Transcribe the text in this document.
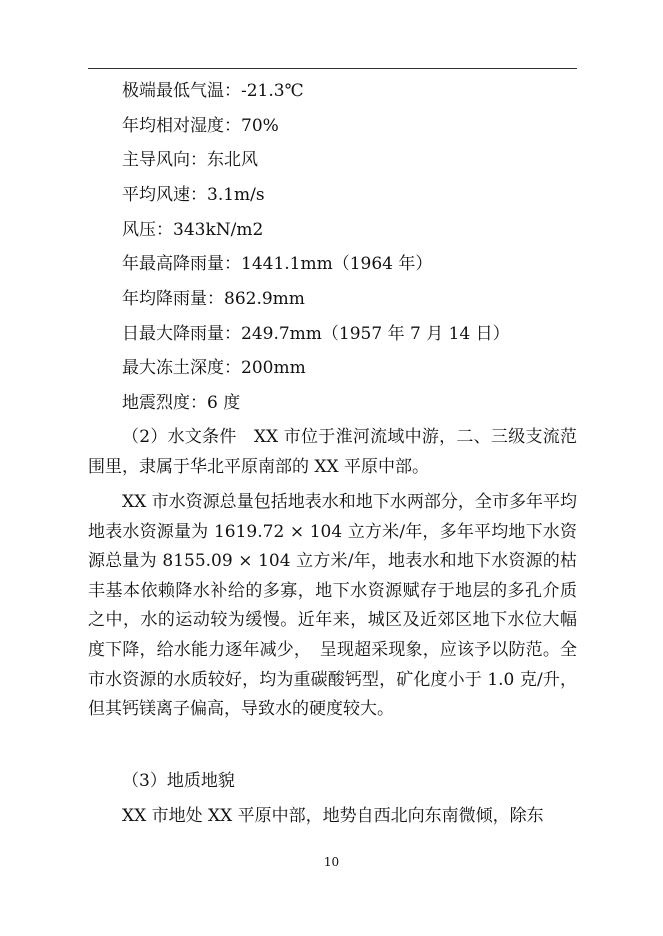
极端最低气温：-21.3℃
年均相对湿度：70%
主导风向：东北风
平均风速：3.1m/s
风压：343kN/m2
年最高降雨量：1441.1mm（1964 年）
年均降雨量：862.9mm
日最大降雨量：249.7mm（1957 年 7 月 14 日）
最大冻土深度：200mm
地震烈度：6 度

（2）水文条件　XX 市位于淮河流域中游，二、三级支流范围里，隶属于华北平原南部的 XX 平原中部。

XX 市水资源总量包括地表水和地下水两部分，全市多年平均地表水资源量为 1619.72 × 104 立方米/年，多年平均地下水资源总量为 8155.09 × 104 立方米/年，地表水和地下水资源的枯丰基本依赖降水补给的多寡，地下水资源赋存于地层的多孔介质之中，水的运动较为缓慢。近年来，城区及近郊区地下水位大幅度下降，给水能力逐年减少，　呈现超采现象，应该予以防范。全市水资源的水质较好，均为重碳酸钙型，矿化度小于 1.0 克/升，但其钙镁离子偏高，导致水的硬度较大。

（3）地质地貌

XX 市地处 XX 平原中部，地势自西北向东南微倾，除东

10
